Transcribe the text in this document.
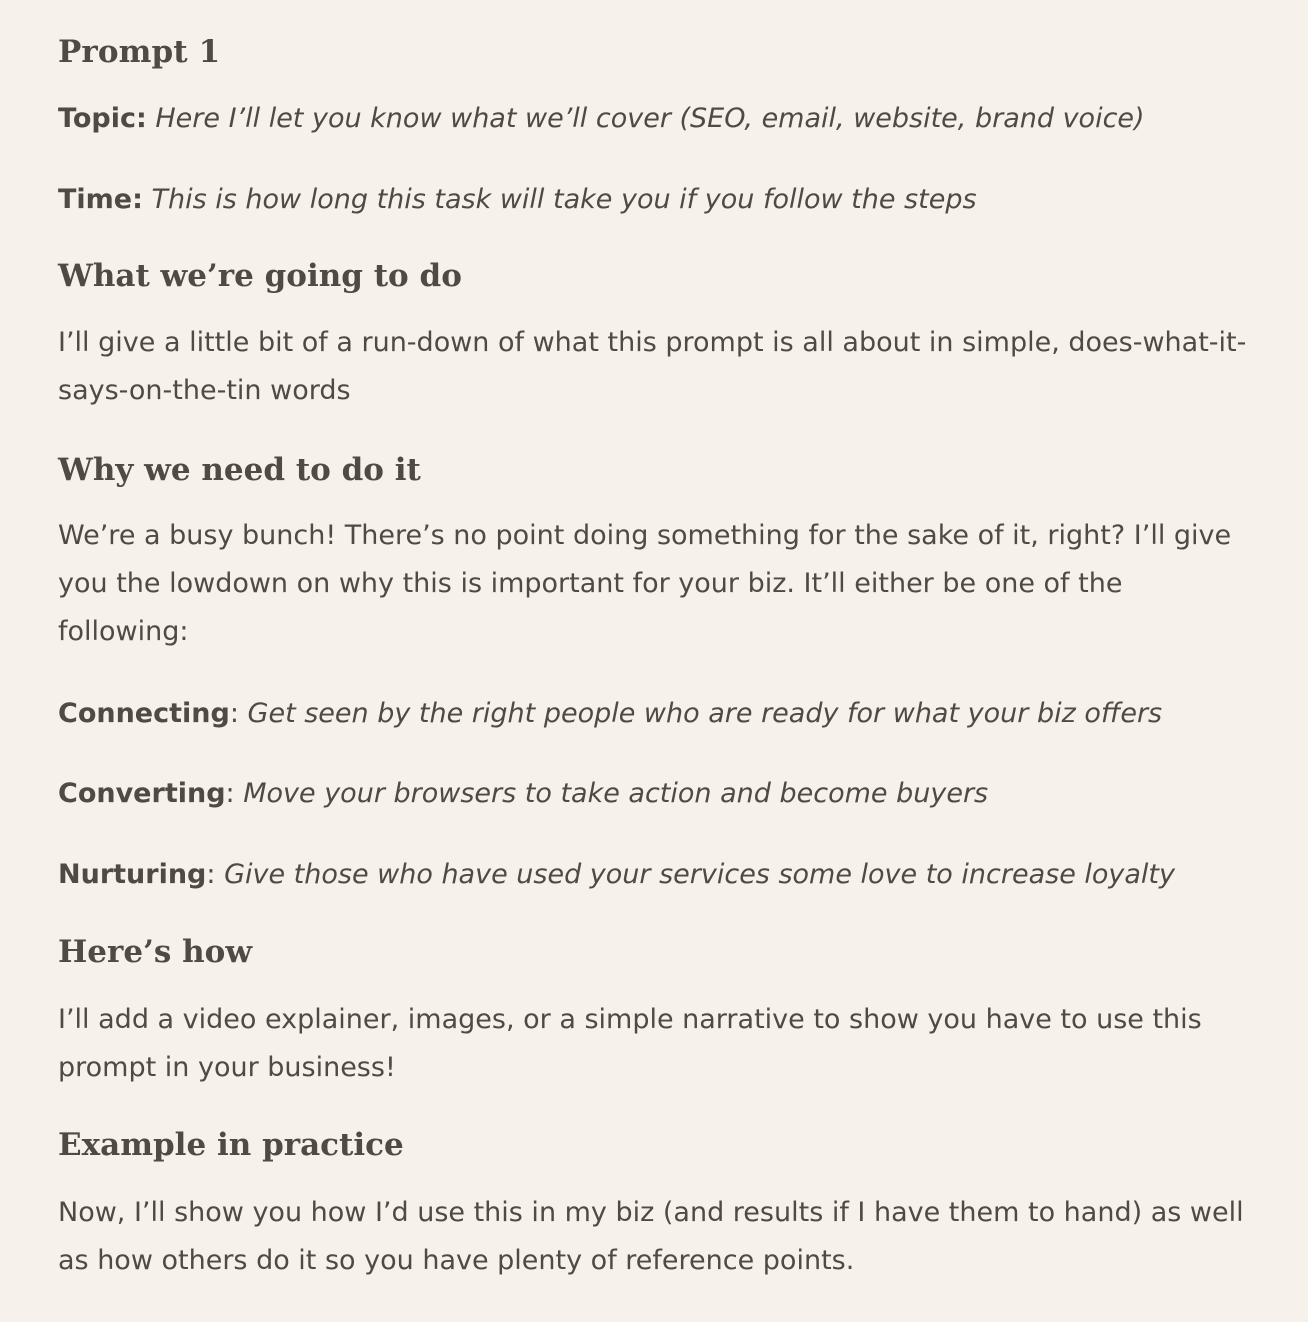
Prompt 1

Topic: Here I’ll let you know what we’ll cover (SEO, email, website, brand voice)

Time: This is how long this task will take you if you follow the steps

What we’re going to do

I’ll give a little bit of a run-down of what this prompt is all about in simple, does-what-it-says-on-the-tin words

Why we need to do it

We’re a busy bunch! There’s no point doing something for the sake of it, right? I’ll give you the lowdown on why this is important for your biz. It’ll either be one of the following:

Connecting: Get seen by the right people who are ready for what your biz offers

Converting: Move your browsers to take action and become buyers

Nurturing: Give those who have used your services some love to increase loyalty

Here’s how

I’ll add a video explainer, images, or a simple narrative to show you have to use this prompt in your business!

Example in practice

Now, I’ll show you how I’d use this in my biz (and results if I have them to hand) as well as how others do it so you have plenty of reference points.
